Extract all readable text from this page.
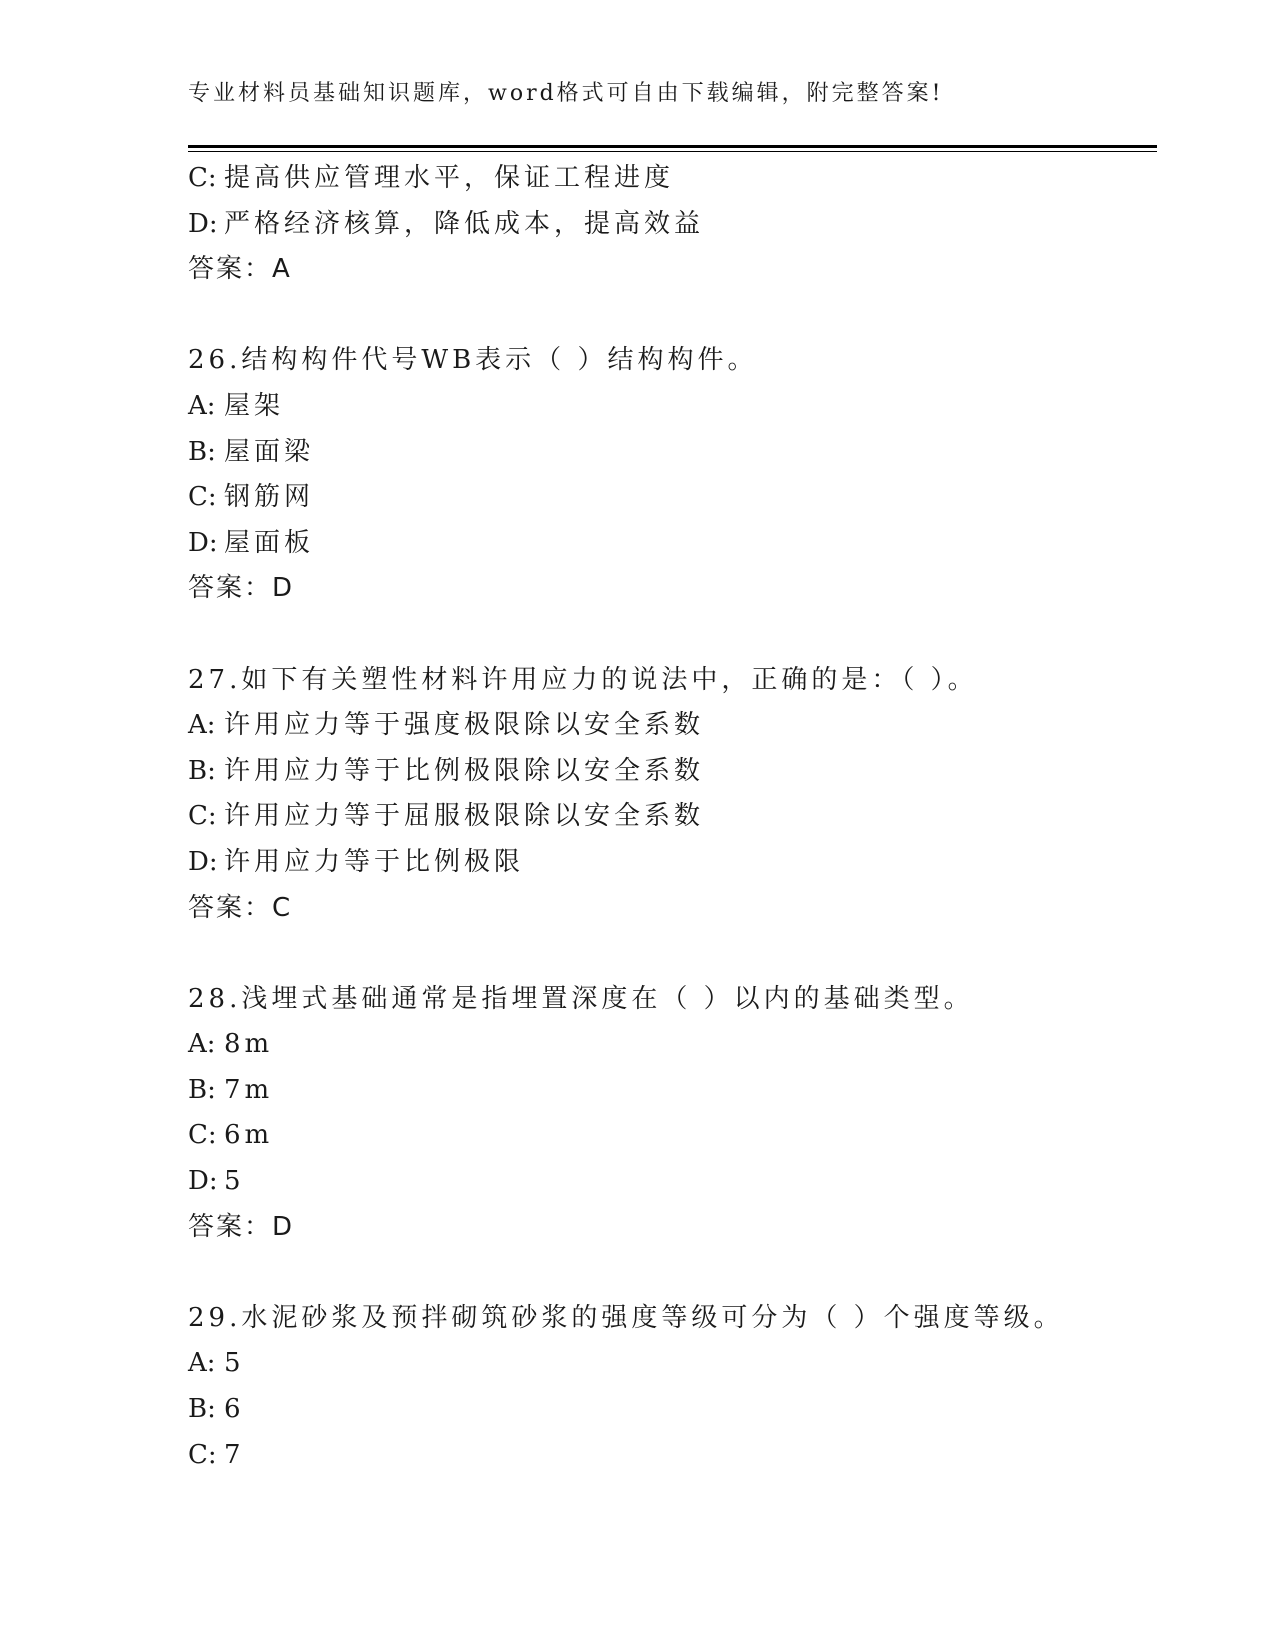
专业材料员基础知识题库，word格式可自由下载编辑，附完整答案!
C: 提高供应管理水平，保证工程进度
D: 严格经济核算，降低成本，提高效益
答案：A
26.结构构件代号WB表示（ ）结构构件。
A: 屋架
B: 屋面梁
C: 钢筋网
D: 屋面板
答案：D
27.如下有关塑性材料许用应力的说法中，正确的是：（ ）。
A: 许用应力等于强度极限除以安全系数
B: 许用应力等于比例极限除以安全系数
C: 许用应力等于屈服极限除以安全系数
D: 许用应力等于比例极限
答案：C
28.浅埋式基础通常是指埋置深度在（ ）以内的基础类型。
A: 8m
B: 7m
C: 6m
D: 5
答案：D
29.水泥砂浆及预拌砌筑砂浆的强度等级可分为（ ）个强度等级。
A: 5
B: 6
C: 7
